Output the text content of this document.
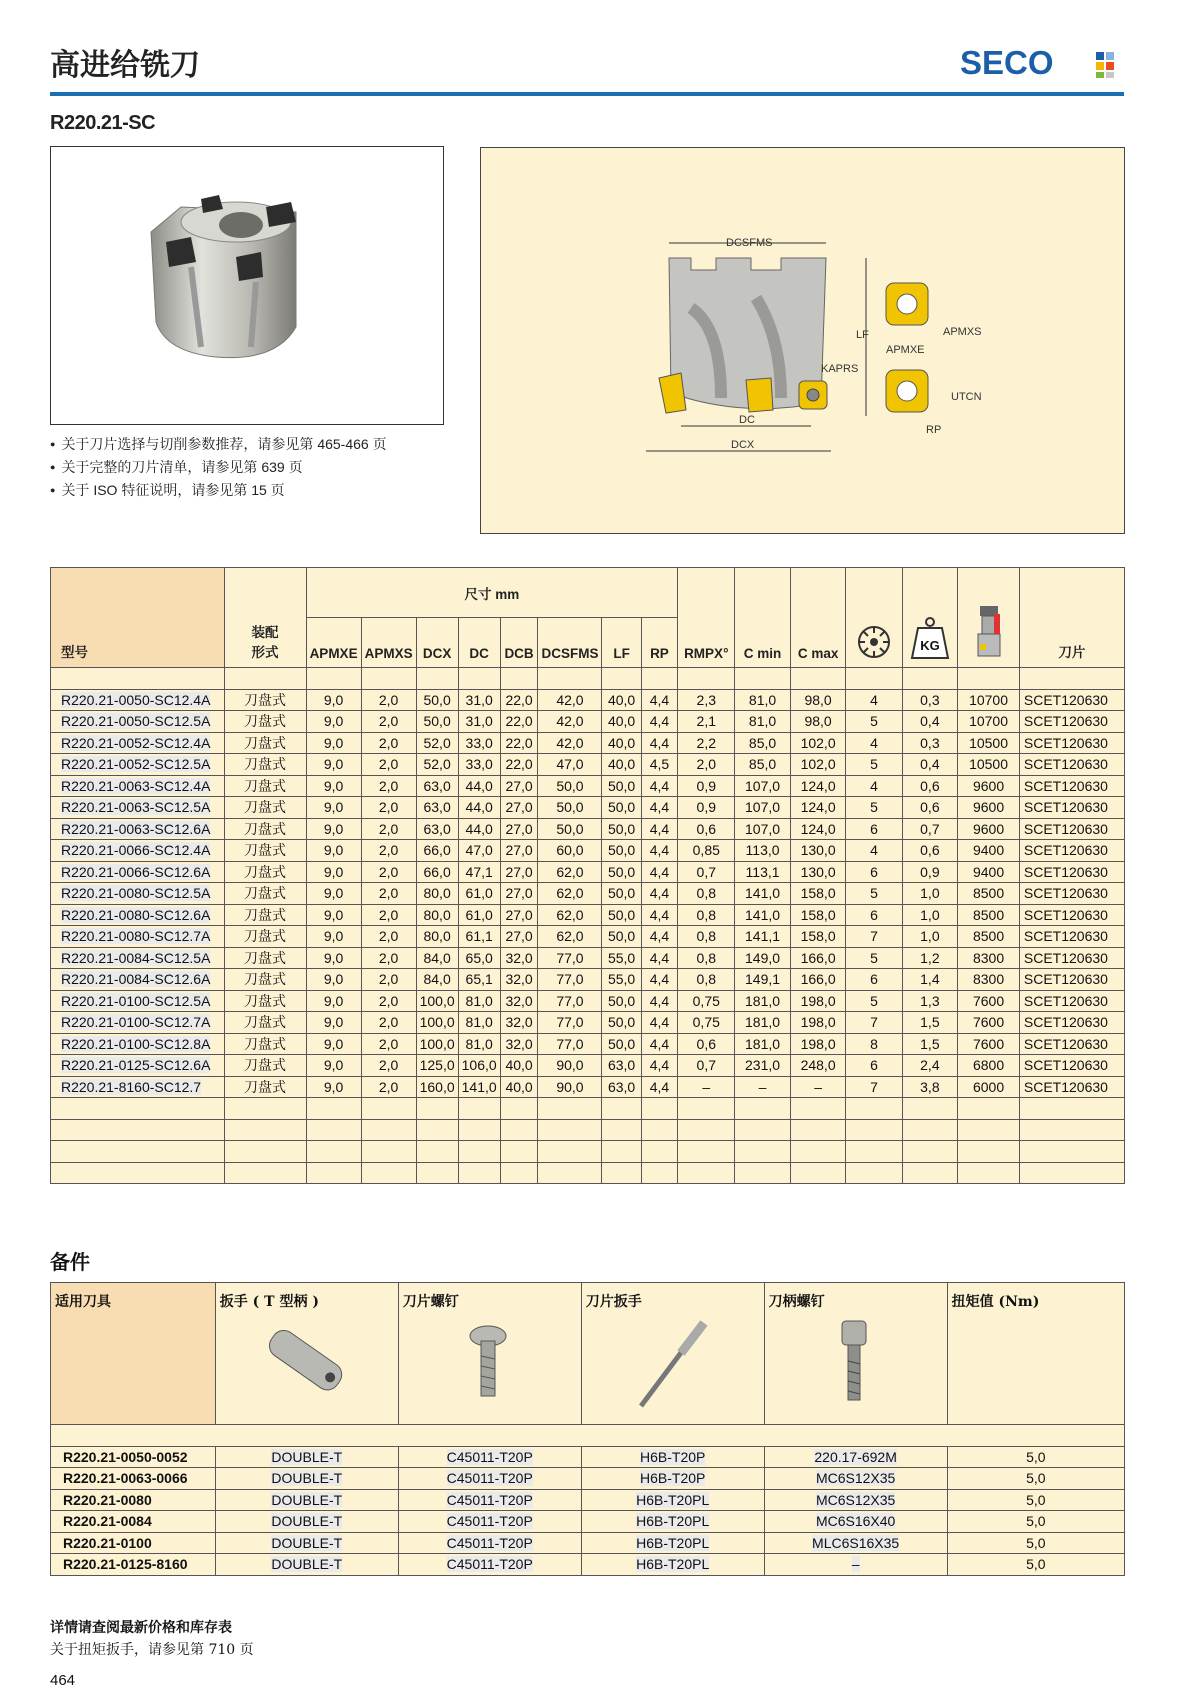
高进给铣刀	SECO
R220.21-SC
● 关于刀片选择与切削参数推荐，请参见第 465-466 页
● 关于完整的刀片清单，请参见第 639 页
● 关于 ISO 特征说明，请参见第 15 页
DCSFMS
LF
KAPRS
DC
DCX
APMXS
APMXE
UTCN
RP
型号	装配
形式	尺寸 mm								RMPX°	C min	C max		KG		刀片
		APMXE	APMXS	DCX	DC	DCB	DCSFMS	LF	RP							

R220.21-0050-SC12.4A	刀盘式	9,0	2,0	50,0	31,0	22,0	42,0	40,0	4,4	2,3	81,0	98,0	4	0,3	10700	SCET120630
R220.21-0050-SC12.5A	刀盘式	9,0	2,0	50,0	31,0	22,0	42,0	40,0	4,4	2,1	81,0	98,0	5	0,4	10700	SCET120630
R220.21-0052-SC12.4A	刀盘式	9,0	2,0	52,0	33,0	22,0	42,0	40,0	4,4	2,2	85,0	102,0	4	0,3	10500	SCET120630
R220.21-0052-SC12.5A	刀盘式	9,0	2,0	52,0	33,0	22,0	47,0	40,0	4,5	2,0	85,0	102,0	5	0,4	10500	SCET120630
R220.21-0063-SC12.4A	刀盘式	9,0	2,0	63,0	44,0	27,0	50,0	50,0	4,4	0,9	107,0	124,0	4	0,6	9600	SCET120630
R220.21-0063-SC12.5A	刀盘式	9,0	2,0	63,0	44,0	27,0	50,0	50,0	4,4	0,9	107,0	124,0	5	0,6	9600	SCET120630
R220.21-0063-SC12.6A	刀盘式	9,0	2,0	63,0	44,0	27,0	50,0	50,0	4,4	0,6	107,0	124,0	6	0,7	9600	SCET120630
R220.21-0066-SC12.4A	刀盘式	9,0	2,0	66,0	47,0	27,0	60,0	50,0	4,4	0,85	113,0	130,0	4	0,6	9400	SCET120630
R220.21-0066-SC12.6A	刀盘式	9,0	2,0	66,0	47,1	27,0	62,0	50,0	4,4	0,7	113,1	130,0	6	0,9	9400	SCET120630
R220.21-0080-SC12.5A	刀盘式	9,0	2,0	80,0	61,0	27,0	62,0	50,0	4,4	0,8	141,0	158,0	5	1,0	8500	SCET120630
R220.21-0080-SC12.6A	刀盘式	9,0	2,0	80,0	61,0	27,0	62,0	50,0	4,4	0,8	141,0	158,0	6	1,0	8500	SCET120630
R220.21-0080-SC12.7A	刀盘式	9,0	2,0	80,0	61,1	27,0	62,0	50,0	4,4	0,8	141,1	158,0	7	1,0	8500	SCET120630
R220.21-0084-SC12.5A	刀盘式	9,0	2,0	84,0	65,0	32,0	77,0	55,0	4,4	0,8	149,0	166,0	5	1,2	8300	SCET120630
R220.21-0084-SC12.6A	刀盘式	9,0	2,0	84,0	65,1	32,0	77,0	55,0	4,4	0,8	149,1	166,0	6	1,4	8300	SCET120630
R220.21-0100-SC12.5A	刀盘式	9,0	2,0	100,0	81,0	32,0	77,0	50,0	4,4	0,75	181,0	198,0	5	1,3	7600	SCET120630
R220.21-0100-SC12.7A	刀盘式	9,0	2,0	100,0	81,0	32,0	77,0	50,0	4,4	0,75	181,0	198,0	7	1,5	7600	SCET120630
R220.21-0100-SC12.8A	刀盘式	9,0	2,0	100,0	81,0	32,0	77,0	50,0	4,4	0,6	181,0	198,0	8	1,5	7600	SCET120630
R220.21-0125-SC12.6A	刀盘式	9,0	2,0	125,0	106,0	40,0	90,0	63,0	4,4	0,7	231,0	248,0	6	2,4	6800	SCET120630
R220.21-8160-SC12.7	刀盘式	9,0	2,0	160,0	141,0	40,0	90,0	63,0	4,4	–	–	–	7	3,8	6000	SCET120630

备件
适用刀具	扳手 ( T 型柄 )	刀片螺钉	刀片扳手	刀柄螺钉	扭矩值 (Nm)

R220.21-0050-0052	DOUBLE-T	C45011-T20P	H6B-T20P	220.17-692M	5,0
R220.21-0063-0066	DOUBLE-T	C45011-T20P	H6B-T20P	MC6S12X35	5,0
R220.21-0080	DOUBLE-T	C45011-T20P	H6B-T20PL	MC6S12X35	5,0
R220.21-0084	DOUBLE-T	C45011-T20P	H6B-T20PL	MC6S16X40	5,0
R220.21-0100	DOUBLE-T	C45011-T20P	H6B-T20PL	MLC6S16X35	5,0
R220.21-0125-8160	DOUBLE-T	C45011-T20P	H6B-T20PL	–	5,0
详情请查阅最新价格和库存表
关于扭矩扳手，请参见第 710 页
464
